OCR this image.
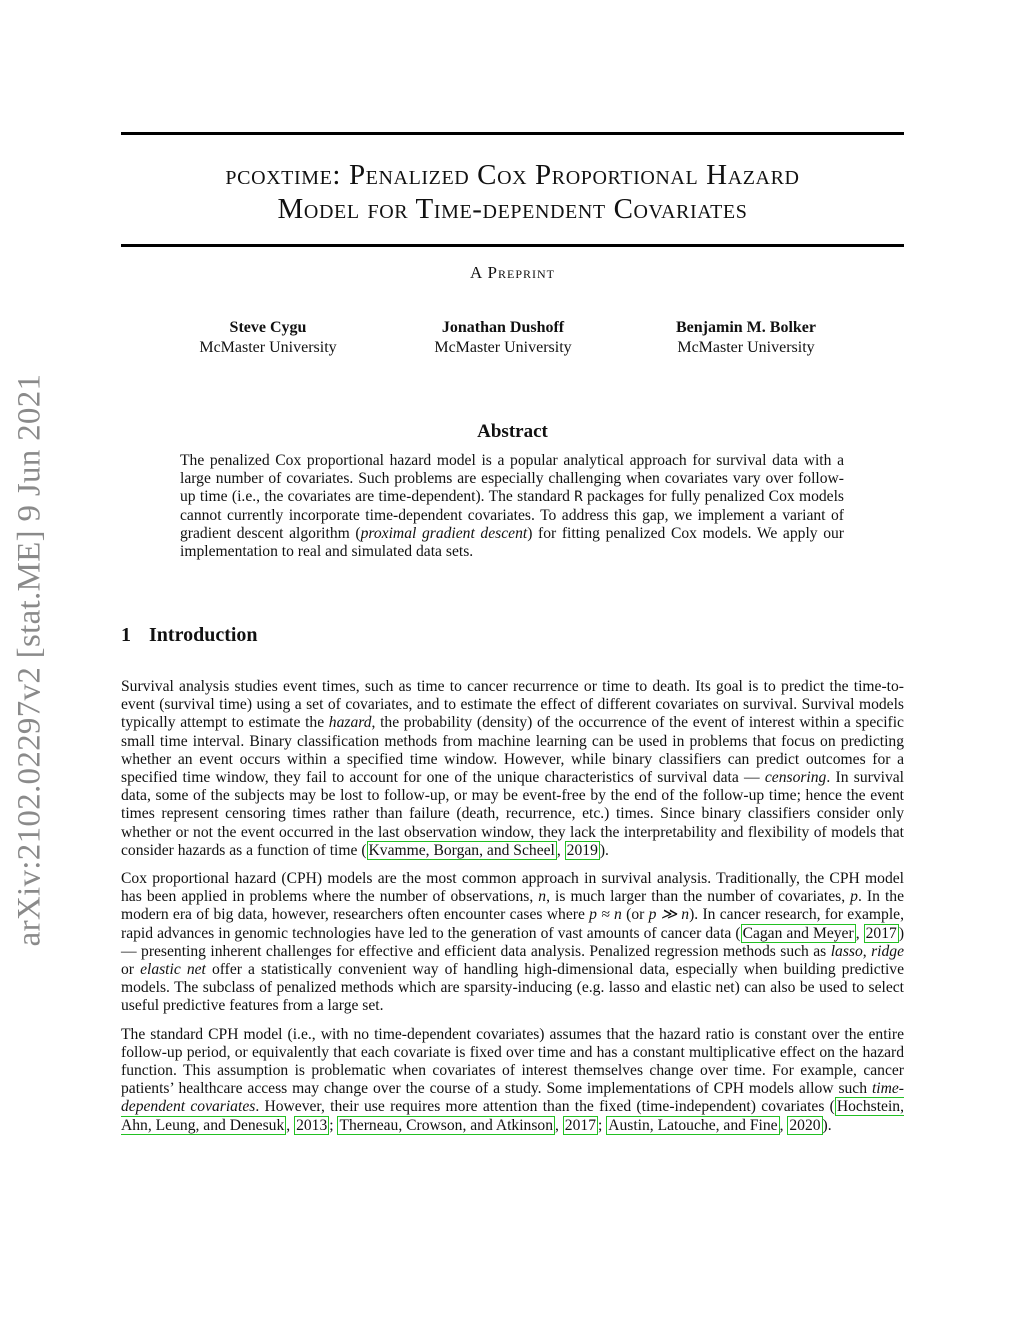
arXiv:2102.02297v2 [stat.ME] 9 Jun 2021
pcoxtime: Penalized Cox Proportional Hazard
Model for Time-dependent Covariates
A Preprint
Steve Cygu
McMaster University
Jonathan Dushoff
McMaster University
Benjamin M. Bolker
McMaster University
Abstract
The penalized Cox proportional hazard model is a popular analytical approach for survival data with a large number of covariates. Such problems are especially challenging when covariates vary over follow-up time (i.e., the covariates are time-dependent). The standard R packages for fully penalized Cox models cannot currently incorporate time-dependent covariates. To address this gap, we implement a variant of gradient descent algorithm (proximal gradient descent) for fitting penalized Cox models. We apply our implementation to real and simulated data sets.
1 Introduction

Survival analysis studies event times, such as time to cancer recurrence or time to death. Its goal is to predict the time-to-event (survival time) using a set of covariates, and to estimate the effect of different covariates on survival. Survival models typically attempt to estimate the hazard, the probability (density) of the occurrence of the event of interest within a specific small time interval. Binary classification methods from machine learning can be used in problems that focus on predicting whether an event occurs within a specified time window. However, while binary classifiers can predict outcomes for a specified time window, they fail to account for one of the unique characteristics of survival data — censoring. In survival data, some of the subjects may be lost to follow-up, or may be event-free by the end of the follow-up time; hence the event times represent censoring times rather than failure (death, recurrence, etc.) times. Since binary classifiers consider only whether or not the event occurred in the last observation window, they lack the interpretability and flexibility of models that consider hazards as a function of time ( Kvamme, Borgan, and Scheel , 2019 ).

Cox proportional hazard (CPH) models are the most common approach in survival analysis. Traditionally, the CPH model has been applied in problems where the number of observations, n, is much larger than the number of covariates, p. In the modern era of big data, however, researchers often encounter cases where p ≈ n (or p ≫ n). In cancer research, for example, rapid advances in genomic technologies have led to the generation of vast amounts of cancer data ( Cagan and Meyer , 2017 ) — presenting inherent challenges for effective and efficient data analysis. Penalized regression methods such as lasso, ridge or elastic net offer a statistically convenient way of handling high-dimensional data, especially when building predictive models. The subclass of penalized methods which are sparsity-inducing (e.g. lasso and elastic net) can also be used to select useful predictive features from a large set.

The standard CPH model (i.e., with no time-dependent covariates) assumes that the hazard ratio is constant over the entire follow-up period, or equivalently that each covariate is fixed over time and has a constant multiplicative effect on the hazard function. This assumption is problematic when covariates of interest themselves change over time. For example, cancer patients’ healthcare access may change over the course of a study. Some implementations of CPH models allow such time-dependent covariates. However, their use requires more attention than the fixed (time-independent) covariates ( Hochstein, Ahn, Leung, and Denesuk , 2013 ; Therneau, Crowson, and Atkinson , 2017 ; Austin, Latouche, and Fine , 2020 ).
